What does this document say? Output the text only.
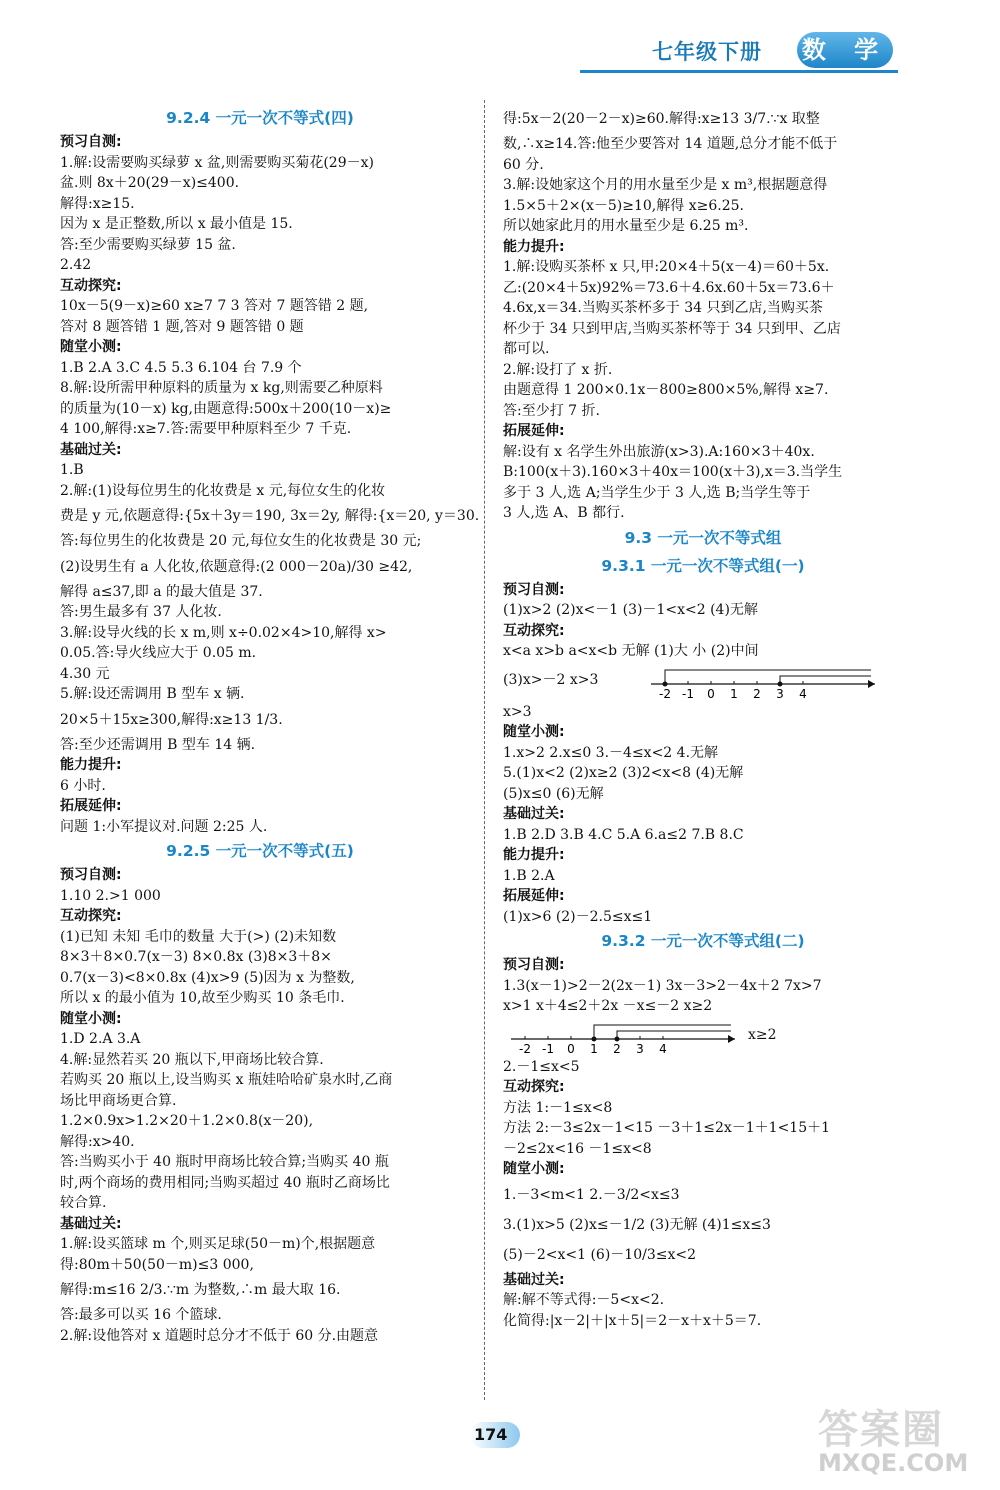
七年级下册 数 学
9.2.4 一元一次不等式(四)
预习自测:
1.解:设需要购买绿萝 x 盆,则需要购买菊花(29－x)
盆.则 8x＋20(29－x)≤400.
解得:x≥15.
因为 x 是正整数,所以 x 最小值是 15.
答:至少需要购买绿萝 15 盆.
2.42
互动探究:
10x－5(9－x)≥60 x≥7 7 3 答对 7 题答错 2 题,
答对 8 题答错 1 题,答对 9 题答错 0 题
随堂小测:
1.B 2.A 3.C 4.5 5.3 6.104 台 7.9 个
8.解:设所需甲种原料的质量为 x kg,则需要乙种原料
的质量为(10－x) kg,由题意得:500x＋200(10－x)≥
4 100,解得:x≥7.答:需要甲种原料至少 7 千克.
基础过关:
1.B
2.解:(1)设每位男生的化妆费是 x 元,每位女生的化妆
费是 y 元,依题意得:{5x＋3y＝190, 3x＝2y, 解得:{x＝20, y＝30.
答:每位男生的化妆费是 20 元,每位女生的化妆费是 30 元;
(2)设男生有 a 人化妆,依题意得:(2 000－20a)/30 ≥42,
解得 a≤37,即 a 的最大值是 37.
答:男生最多有 37 人化妆.
3.解:设导火线的长 x m,则 x÷0.02×4>10,解得 x>
0.05.答:导火线应大于 0.05 m.
4.30 元
5.解:设还需调用 B 型车 x 辆.
20×5＋15x≥300,解得:x≥13 1/3.
答:至少还需调用 B 型车 14 辆.
能力提升:
6 小时.
拓展延伸:
问题 1:小军提议对.问题 2:25 人.
9.2.5 一元一次不等式(五)
预习自测:
1.10 2.>1 000
互动探究:
(1)已知 未知 毛巾的数量 大于(>) (2)未知数
8×3＋8×0.7(x－3) 8×0.8x (3)8×3＋8×
0.7(x－3)<8×0.8x (4)x>9 (5)因为 x 为整数,
所以 x 的最小值为 10,故至少购买 10 条毛巾.
随堂小测:
1.D 2.A 3.A
4.解:显然若买 20 瓶以下,甲商场比较合算.
若购买 20 瓶以上,设当购买 x 瓶娃哈哈矿泉水时,乙商
场比甲商场更合算.
1.2×0.9x>1.2×20＋1.2×0.8(x－20),
解得:x>40.
答:当购买小于 40 瓶时甲商场比较合算;当购买 40 瓶
时,两个商场的费用相同;当购买超过 40 瓶时乙商场比
较合算.
基础过关:
1.解:设买篮球 m 个,则买足球(50－m)个,根据题意
得:80m＋50(50－m)≤3 000,
解得:m≤16 2/3.∵m 为整数,∴m 最大取 16.
答:最多可以买 16 个篮球.
2.解:设他答对 x 道题时总分才不低于 60 分.由题意
得:5x－2(20－2－x)≥60.解得:x≥13 3/7.∵x 取整
数,∴x≥14.答:他至少要答对 14 道题,总分才能不低于
60 分.
3.解:设她家这个月的用水量至少是 x m³,根据题意得
1.5×5＋2×(x－5)≥10,解得 x≥6.25.
所以她家此月的用水量至少是 6.25 m³.
能力提升:
1.解:设购买茶杯 x 只,甲:20×4＋5(x－4)＝60＋5x.
乙:(20×4＋5x)92%＝73.6＋4.6x.60＋5x＝73.6＋
4.6x,x＝34.当购买茶杯多于 34 只到乙店,当购买茶
杯少于 34 只到甲店,当购买茶杯等于 34 只到甲、乙店
都可以.
2.解:设打了 x 折.
由题意得 1 200×0.1x－800≥800×5%,解得 x≥7.
答:至少打 7 折.
拓展延伸:
解:设有 x 名学生外出旅游(x>3).A:160×3＋40x.
B:100(x＋3).160×3＋40x＝100(x＋3),x＝3.当学生
多于 3 人,选 A;当学生少于 3 人,选 B;当学生等于
3 人,选 A、B 都行.
9.3 一元一次不等式组
9.3.1 一元一次不等式组(一)
预习自测:
(1)x>2 (2)x<－1 (3)－1<x<2 (4)无解
互动探究:
x<a x>b a<x<b 无解 (1)大 小 (2)中间
(3)x>－2 x>3
-2 -1 0 1 2 3 4
x>3
随堂小测:
1.x>2 2.x≤0 3.－4≤x<2 4.无解
5.(1)x<2 (2)x≥2 (3)2<x<8 (4)无解
(5)x≤0 (6)无解
基础过关:
1.B 2.D 3.B 4.C 5.A 6.a≤2 7.B 8.C
能力提升:
1.B 2.A
拓展延伸:
(1)x>6 (2)－2.5≤x≤1
9.3.2 一元一次不等式组(二)
预习自测:
1.3(x－1)>2－2(2x－1) 3x－3>2－4x＋2 7x>7
x>1 x＋4≤2＋2x －x≤－2 x≥2
x≥2
-2 -1 0 1 2 3 4
2.－1≤x<5
互动探究:
方法 1:－1≤x<8
方法 2:－3≤2x－1<15 －3＋1≤2x－1＋1<15＋1
－2≤2x<16 －1≤x<8
随堂小测:
1.－3<m<1 2.－3/2<x≤3
3.(1)x>5 (2)x≤－1/2 (3)无解 (4)1≤x≤3
(5)－2<x<1 (6)－10/3≤x<2
基础过关:
解:解不等式得:－5<x<2.
化简得:|x－2|＋|x＋5|＝2－x＋x＋5＝7.
174	答案圈
MXQE.COM
